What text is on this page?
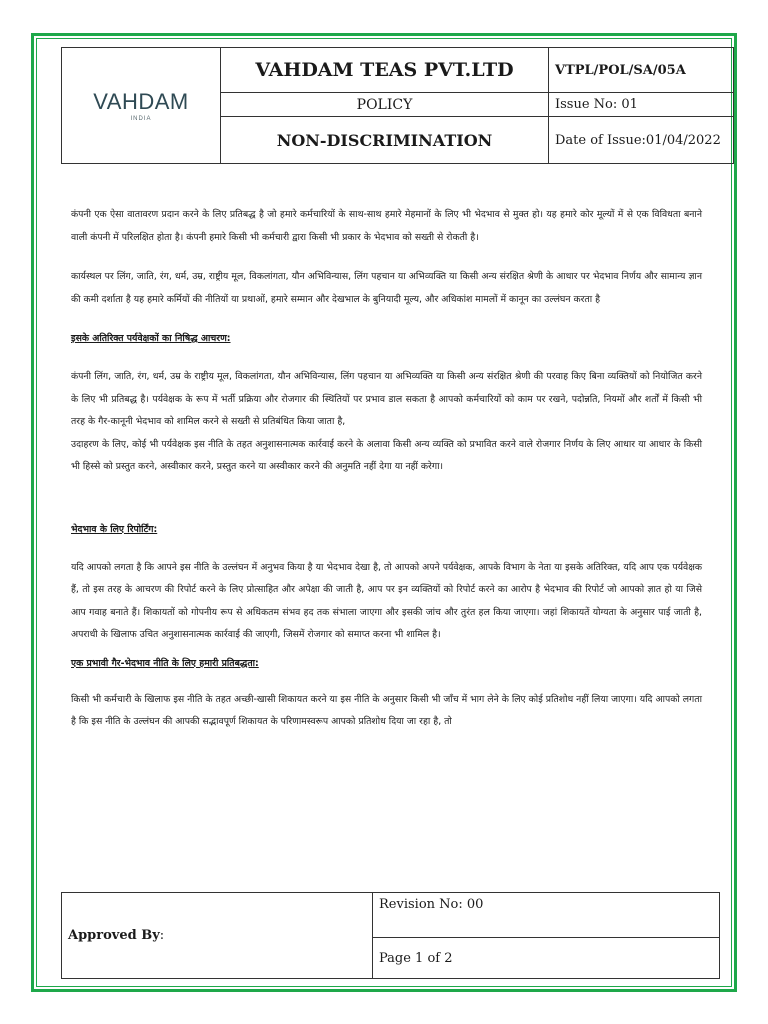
VAHDAM
INDIA
VAHDAM TEAS PVT.LTD
POLICY
NON-DISCRIMINATION
VTPL/POL/SA/05A
Issue No: 01
Date of Issue:01/04/2022

कंपनी एक ऐसा वातावरण प्रदान करने के लिए प्रतिबद्ध है जो हमारे कर्मचारियों के साथ-साथ हमारे मेहमानों के लिए भी भेदभाव से मुक्त हो। यह हमारे कोर मूल्यों में से एक विविधता बनाने वाली कंपनी में परिलक्षित होता है। कंपनी हमारे किसी भी कर्मचारी द्वारा किसी भी प्रकार के भेदभाव को सख्ती से रोकती है।

कार्यस्थल पर लिंग, जाति, रंग, धर्म, उम्र, राष्ट्रीय मूल, विकलांगता, यौन अभिविन्यास, लिंग पहचान या अभिव्यक्ति या किसी अन्य संरक्षित श्रेणी के आधार पर भेदभाव निर्णय और सामान्य ज्ञान की कमी दर्शाता है यह हमारे कर्मियों की नीतियों या प्रथाओं, हमारे सम्मान और देखभाल के बुनियादी मूल्य, और अधिकांश मामलों में कानून का उल्लंघन करता है

इसके अतिरिक्त पर्यवेक्षकों का निषिद्ध आचरण:

कंपनी लिंग, जाति, रंग, धर्म, उम्र के राष्ट्रीय मूल, विकलांगता, यौन अभिविन्यास, लिंग पहचान या अभिव्यक्ति या किसी अन्य संरक्षित श्रेणी की परवाह किए बिना व्यक्तियों को नियोजित करने के लिए भी प्रतिबद्ध है। पर्यवेक्षक के रूप में भर्ती प्रक्रिया और रोजगार की स्थितियों पर प्रभाव डाल सकता है आपको कर्मचारियों को काम पर रखने, पदोन्नति, नियमों और शर्तों में किसी भी तरह के गैर-कानूनी भेदभाव को शामिल करने से सख्ती से प्रतिबंधित किया जाता है,

उदाहरण के लिए, कोई भी पर्यवेक्षक इस नीति के तहत अनुशासनात्मक कार्रवाई करने के अलावा किसी अन्य व्यक्ति को प्रभावित करने वाले रोजगार निर्णय के लिए आधार या आधार के किसी भी हिस्से को प्रस्तुत करने, अस्वीकार करने, प्रस्तुत करने या अस्वीकार करने की अनुमति नहीं देगा या नहीं करेगा।

भेदभाव के लिए रिपोर्टिंग:

यदि आपको लगता है कि आपने इस नीति के उल्लंघन में अनुभव किया है या भेदभाव देखा है, तो आपको अपने पर्यवेक्षक, आपके विभाग के नेता या इसके अतिरिक्त, यदि आप एक पर्यवेक्षक हैं, तो इस तरह के आचरण की रिपोर्ट करने के लिए प्रोत्साहित और अपेक्षा की जाती है, आप पर इन व्यक्तियों को रिपोर्ट करने का आरोप है भेदभाव की रिपोर्ट जो आपको ज्ञात हो या जिसे आप गवाह बनाते हैं। शिकायतों को गोपनीय रूप से अधिकतम संभव हद तक संभाला जाएगा और इसकी जांच और तुरंत हल किया जाएगा। जहां शिकायतें योग्यता के अनुसार पाई जाती है, अपराधी के खिलाफ उचित अनुशासनात्मक कार्रवाई की जाएगी, जिसमें रोजगार को समाप्त करना भी शामिल है।

एक प्रभावी गैर-भेदभाव नीति के लिए हमारी प्रतिबद्धता:

किसी भी कर्मचारी के खिलाफ इस नीति के तहत अच्छी-खासी शिकायत करने या इस नीति के अनुसार किसी भी जाँच में भाग लेने के लिए कोई प्रतिशोध नहीं लिया जाएगा। यदि आपको लगता है कि इस नीति के उल्लंघन की आपकी सद्भावपूर्ण शिकायत के परिणामस्वरूप आपको प्रतिशोध दिया जा रहा है, तो

Approved By :
Revision No: 00
Page 1 of 2
